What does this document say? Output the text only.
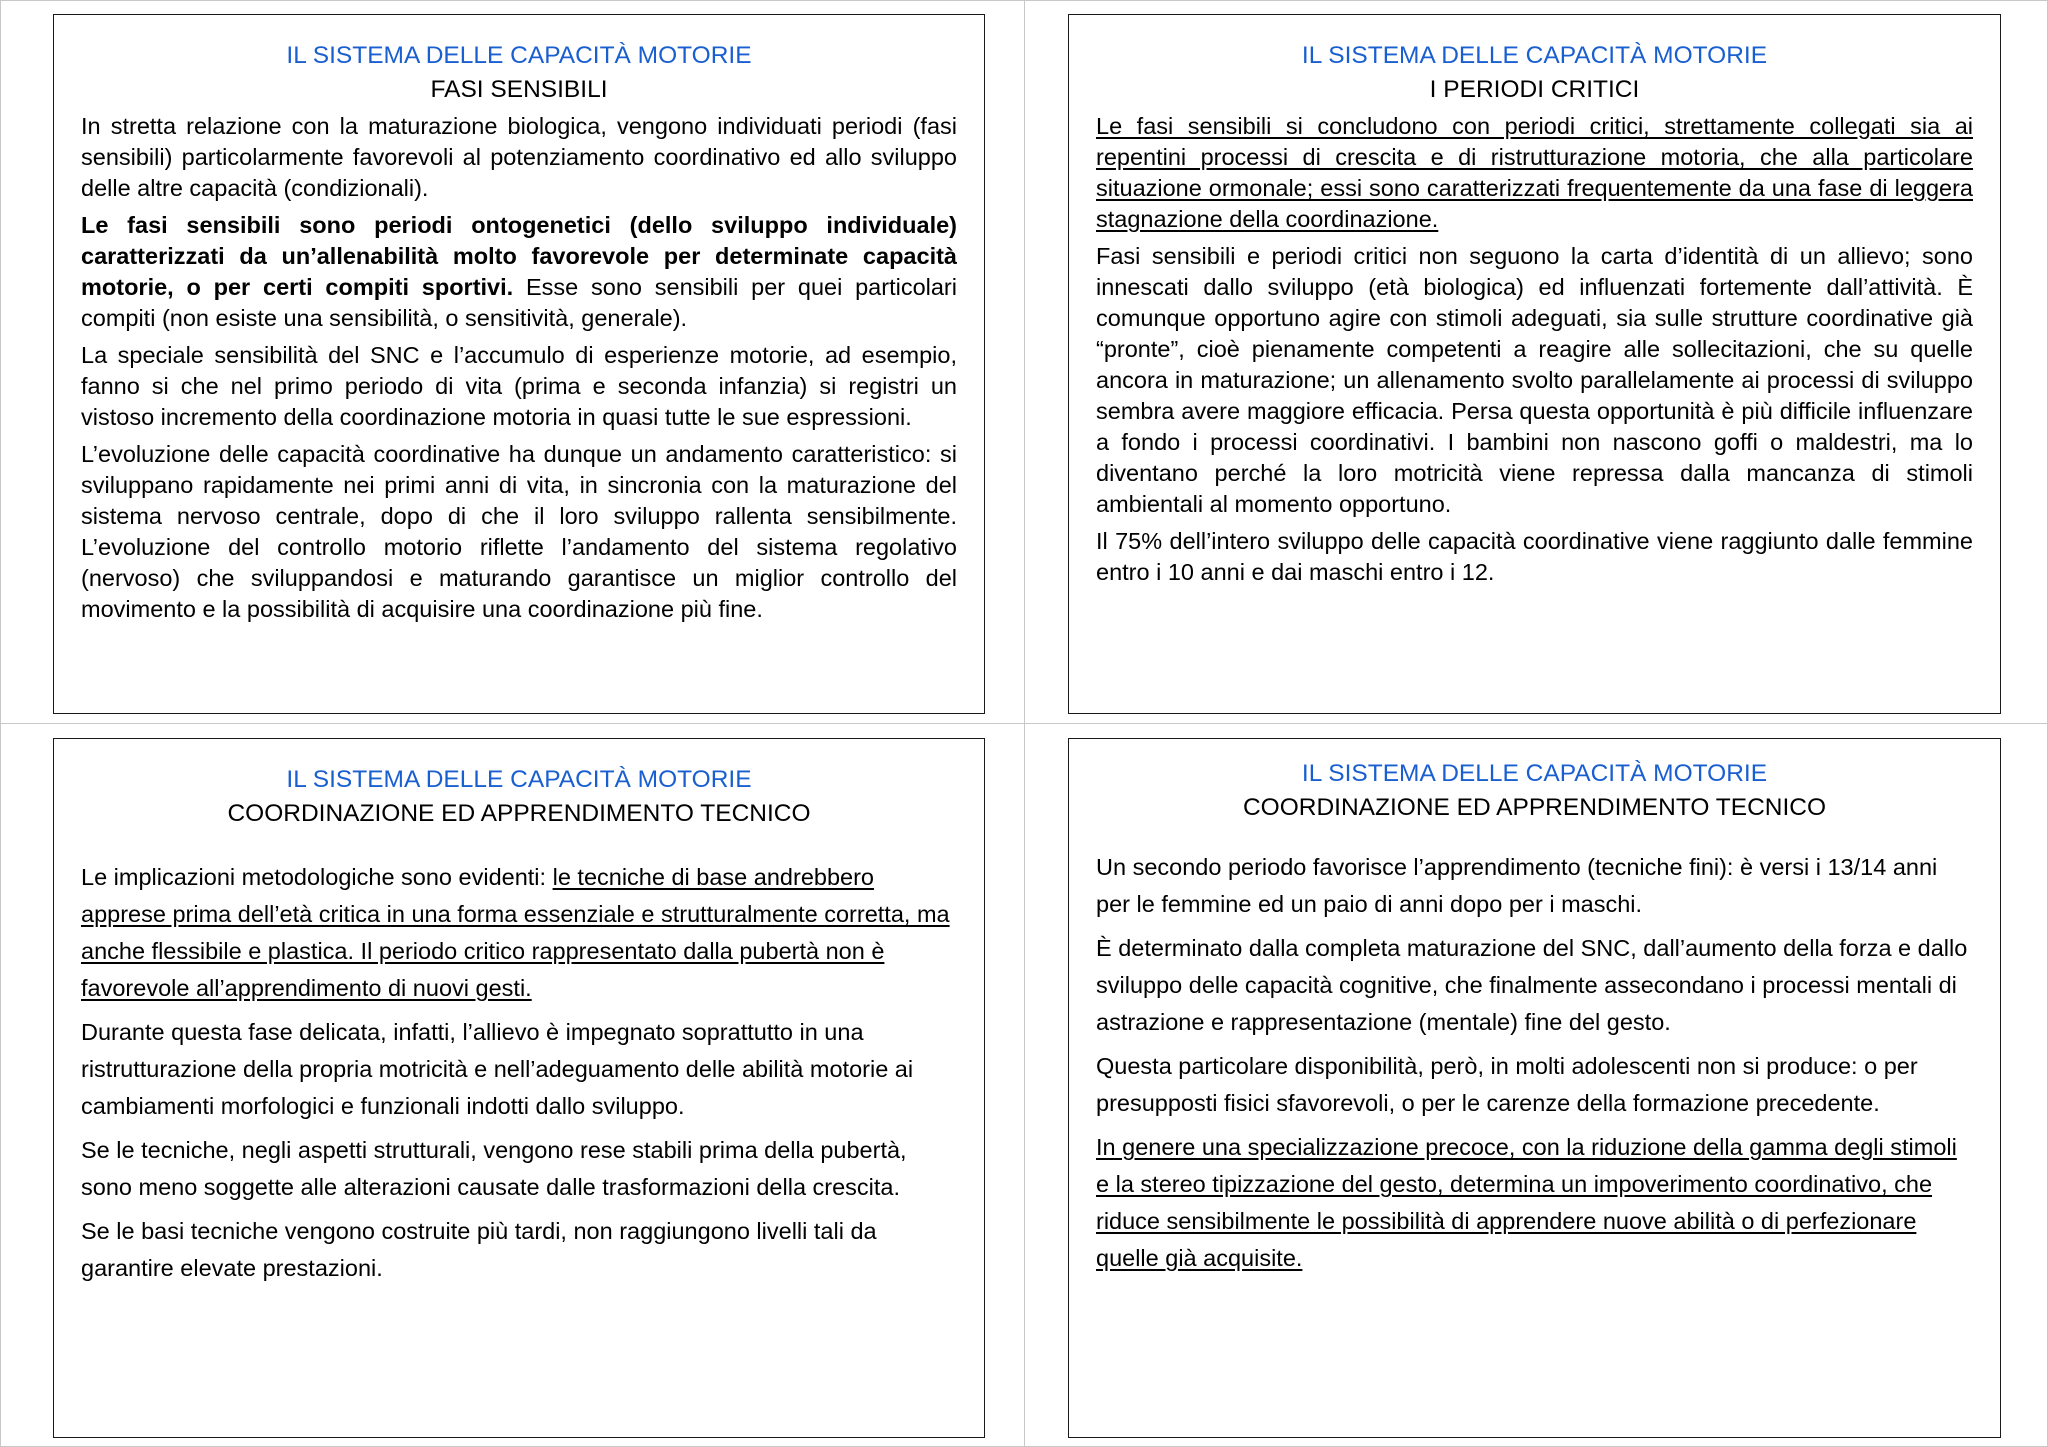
IL SISTEMA DELLE CAPACITÀ MOTORIE
FASI SENSIBILI

In stretta relazione con la maturazione biologica, vengono individuati periodi (fasi sensibili) particolarmente favorevoli al potenziamento coordinativo ed allo sviluppo delle altre capacità (condizionali).

Le fasi sensibili sono periodi ontogenetici (dello sviluppo individuale) caratterizzati da un’allenabilità molto favorevole per determinate capacità motorie, o per certi compiti sportivi. Esse sono sensibili per quei particolari compiti (non esiste una sensibilità, o sensitività, generale).

La speciale sensibilità del SNC e l’accumulo di esperienze motorie, ad esempio, fanno si che nel primo periodo di vita (prima e seconda infanzia) si registri un vistoso incremento della coordinazione motoria in quasi tutte le sue espressioni.

L’evoluzione delle capacità coordinative ha dunque un andamento caratteristico: si sviluppano rapidamente nei primi anni di vita, in sincronia con la maturazione del sistema nervoso centrale, dopo di che il loro sviluppo rallenta sensibilmente. L’evoluzione del controllo motorio riflette l’andamento del sistema regolativo (nervoso) che sviluppandosi e maturando garantisce un miglior controllo del movimento e la possibilità di acquisire una coordinazione più fine.

IL SISTEMA DELLE CAPACITÀ MOTORIE
I PERIODI CRITICI

Le fasi sensibili si concludono con periodi critici, strettamente collegati sia ai repentini processi di crescita e di ristrutturazione motoria, che alla particolare situazione ormonale; essi sono caratterizzati frequentemente da una fase di leggera stagnazione della coordinazione.

Fasi sensibili e periodi critici non seguono la carta d’identità di un allievo; sono innescati dallo sviluppo (età biologica) ed influenzati fortemente dall’attività. È comunque opportuno agire con stimoli adeguati, sia sulle strutture coordinative già “pronte”, cioè pienamente competenti a reagire alle sollecitazioni, che su quelle ancora in maturazione; un allenamento svolto parallelamente ai processi di sviluppo sembra avere maggiore efficacia. Persa questa opportunità è più difficile influenzare a fondo i processi coordinativi. I bambini non nascono goffi o maldestri, ma lo diventano perché la loro motricità viene repressa dalla mancanza di stimoli ambientali al momento opportuno.

Il 75% dell’intero sviluppo delle capacità coordinative viene raggiunto dalle femmine entro i 10 anni e dai maschi entro i 12.

IL SISTEMA DELLE CAPACITÀ MOTORIE
COORDINAZIONE ED APPRENDIMENTO TECNICO

Le implicazioni metodologiche sono evidenti: le tecniche di base andrebbero apprese prima dell’età critica in una forma essenziale e strutturalmente corretta, ma anche flessibile e plastica. Il periodo critico rappresentato dalla pubertà non è favorevole all’apprendimento di nuovi gesti.

Durante questa fase delicata, infatti, l’allievo è impegnato soprattutto in una ristrutturazione della propria motricità e nell’adeguamento delle abilità motorie ai cambiamenti morfologici e funzionali indotti dallo sviluppo.

Se le tecniche, negli aspetti strutturali, vengono rese stabili prima della pubertà, sono meno soggette alle alterazioni causate dalle trasformazioni della crescita.

Se le basi tecniche vengono costruite più tardi, non raggiungono livelli tali da garantire elevate prestazioni.

IL SISTEMA DELLE CAPACITÀ MOTORIE
COORDINAZIONE ED APPRENDIMENTO TECNICO

Un secondo periodo favorisce l’apprendimento (tecniche fini): è versi i 13/14 anni per le femmine ed un paio di anni dopo per i maschi.

È determinato dalla completa maturazione del SNC, dall’aumento della forza e dallo sviluppo delle capacità cognitive, che finalmente assecondano i processi mentali di astrazione e rappresentazione (mentale) fine del gesto.

Questa particolare disponibilità, però, in molti adolescenti non si produce: o per presupposti fisici sfavorevoli, o per le carenze della formazione precedente.

In genere una specializzazione precoce, con la riduzione della gamma degli stimoli e la stereo tipizzazione del gesto, determina un impoverimento coordinativo, che riduce sensibilmente le possibilità di apprendere nuove abilità o di perfezionare quelle già acquisite.
